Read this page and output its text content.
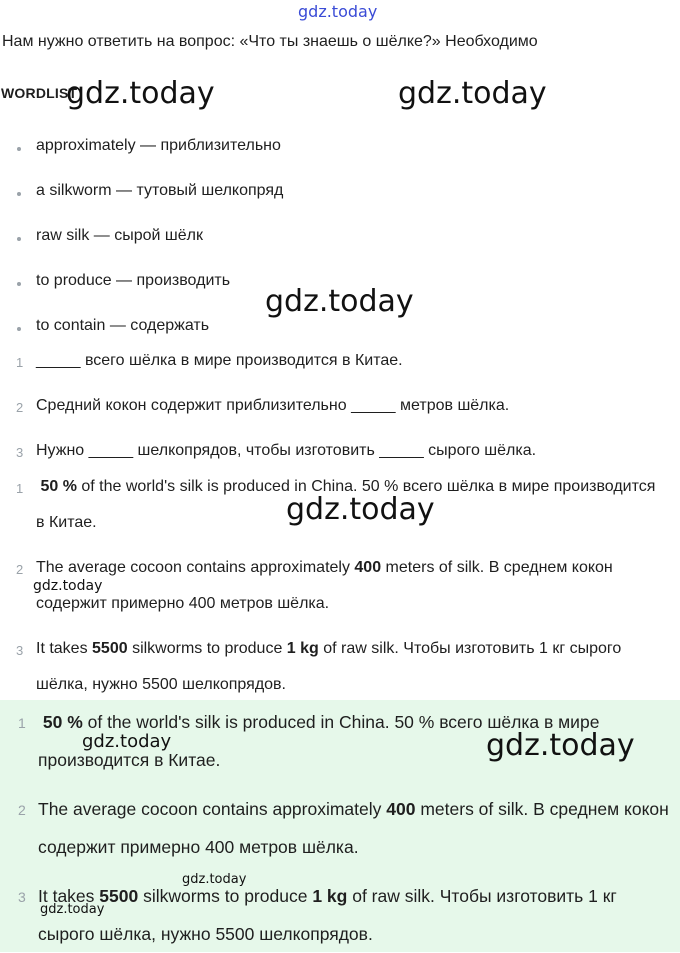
gdz.today
Нам нужно ответить на вопрос: «Что ты знаешь о шёлке?» Необходимо
WORDLIST
gdz.today	gdz.today
approximately — приблизительно
a silkworm — тутовый шелкопряд
raw silk — сырой шёлк
to produce — производить
to contain — содержать
gdz.today
1 _____ всего шёлка в мире производится в Китае.
2 Средний кокон содержит приблизительно _____ метров шёлка.
3 Нужно _____ шелкопрядов, чтобы изготовить _____ сырого шёлка.
1 50 % of the world's silk is produced in China. 50 % всего шёлка в мире производится в Китае.	gdz.today
2 The average cocoon contains approximately 400 meters of silk. В среднем кокон содержит примерно 400 метров шёлка.
gdz.today
3 It takes 5500 silkworms to produce 1 kg of raw silk. Чтобы изготовить 1 кг сырого шёлка, нужно 5500 шелкопрядов.
1 50 % of the world's silk is produced in China. 50 % всего шёлка в мире производится в Китае.
gdz.today	gdz.today
2 The average cocoon contains approximately 400 meters of silk. В среднем кокон содержит примерно 400 метров шёлка.
3 It takes 5500 silkworms to produce 1 kg of raw silk. Чтобы изготовить 1 кг сырого шёлка, нужно 5500 шелкопрядов.
gdz.today
gdz.today
